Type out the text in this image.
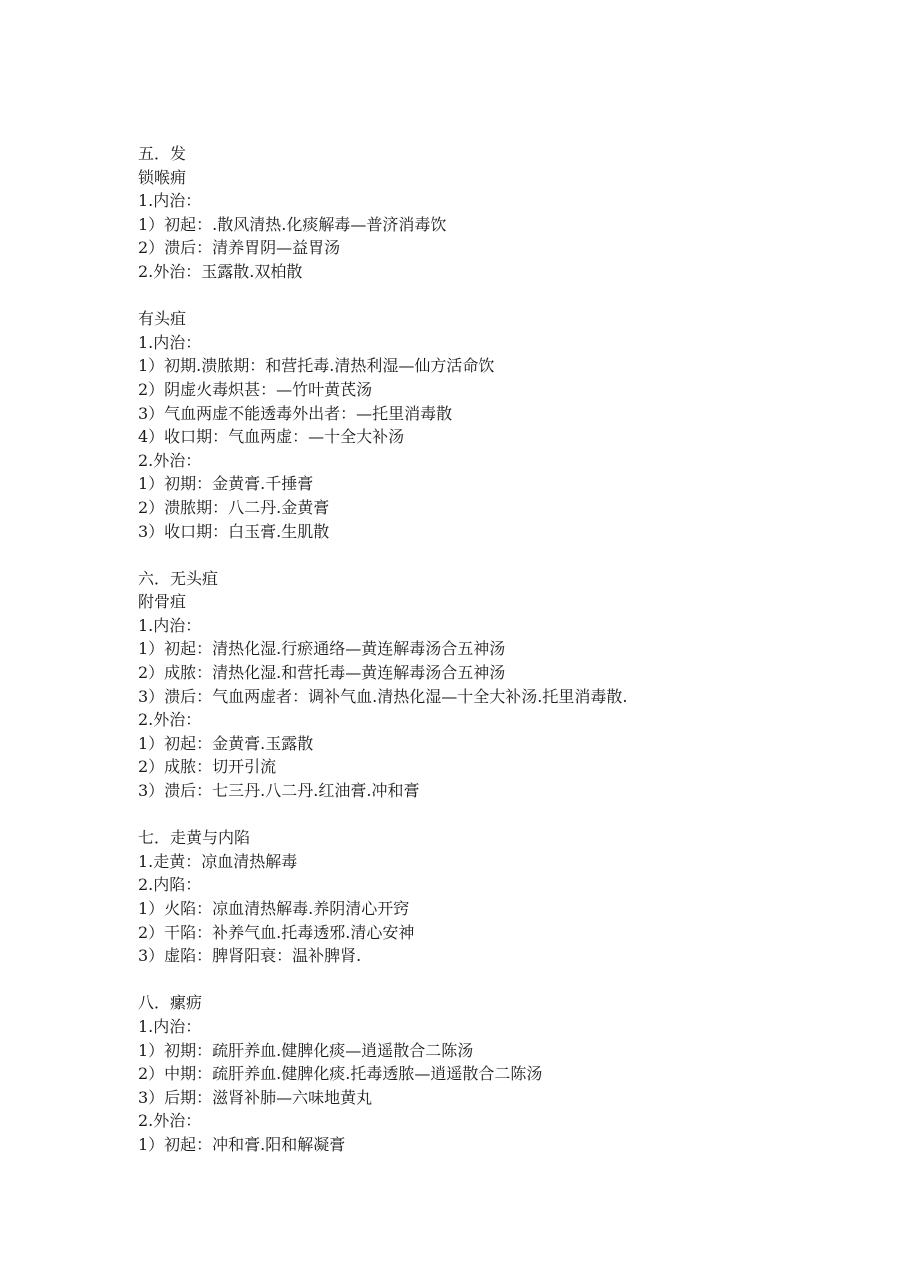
五．发
锁喉痈
1.内治：
1）初起：.散风清热.化痰解毒—普济消毒饮
2）溃后：清养胃阴—益胃汤
2.外治：玉露散.双柏散
有头疽
1.内治：
1）初期.溃脓期：和营托毒.清热利湿—仙方活命饮
2）阴虚火毒炽甚：—竹叶黄芪汤
3）气血两虚不能透毒外出者：—托里消毒散
4）收口期：气血两虚：—十全大补汤
2.外治：
1）初期：金黄膏.千捶膏
2）溃脓期：八二丹.金黄膏
3）收口期：白玉膏.生肌散
六．无头疽
附骨疽
1.内治：
1）初起：清热化湿.行瘀通络—黄连解毒汤合五神汤
2）成脓：清热化湿.和营托毒—黄连解毒汤合五神汤
3）溃后：气血两虚者：调补气血.清热化湿—十全大补汤.托里消毒散.
2.外治：
1）初起：金黄膏.玉露散
2）成脓：切开引流
3）溃后：七三丹.八二丹.红油膏.冲和膏
七．走黄与内陷
1.走黄：凉血清热解毒
2.内陷：
1）火陷：凉血清热解毒.养阴清心开窍
2）干陷：补养气血.托毒透邪.清心安神
3）虚陷：脾肾阳衰：温补脾肾.
八．瘰疬
1.内治：
1）初期：疏肝养血.健脾化痰—逍遥散合二陈汤
2）中期：疏肝养血.健脾化痰.托毒透脓—逍遥散合二陈汤
3）后期：滋肾补肺—六味地黄丸
2.外治：
1）初起：冲和膏.阳和解凝膏
